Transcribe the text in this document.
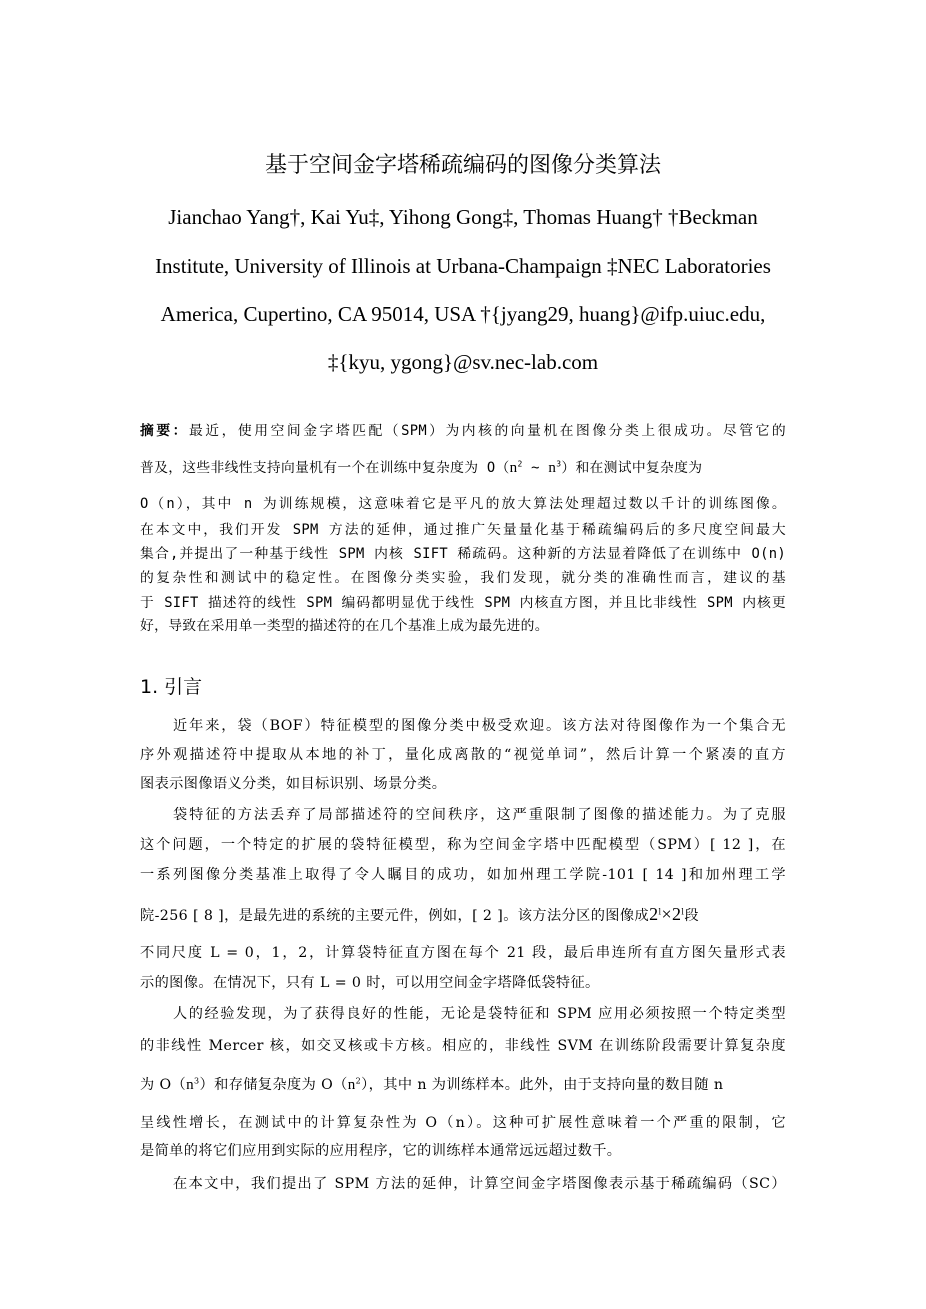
基于空间金字塔稀疏编码的图像分类算法
Jianchao Yang†, Kai Yu‡, Yihong Gong‡, Thomas Huang† †Beckman
Institute, University of Illinois at Urbana-Champaign ‡NEC Laboratories
America, Cupertino, CA 95014, USA †{jyang29, huang}@ifp.uiuc.edu,
‡{kyu, ygong}@sv.nec-lab.com
摘要：最近，使用空间金字塔匹配（SPM）为内核的向量机在图像分类上很成功。尽管它的
普及，这些非线性支持向量机有一个在训练中复杂度为 $O(n^2$ ~ $n^3$）和在测试中复杂度为
O（n），其中 n 为训练规模，这意味着它是平凡的放大算法处理超过数以千计的训练图像。
在本文中，我们开发 SPM 方法的延伸，通过推广矢量量化基于稀疏编码后的多尺度空间最大
集合,并提出了一种基于线性 SPM 内核 SIFT 稀疏码。这种新的方法显着降低了在训练中 O(n)
的复杂性和测试中的稳定性。在图像分类实验，我们发现，就分类的准确性而言，建议的基
于 SIFT 描述符的线性 SPM 编码都明显优于线性 SPM 内核直方图，并且比非线性 SPM 内核更
好，导致在采用单一类型的描述符的在几个基准上成为最先进的。
1. 引言
近年来，袋（BOF）特征模型的图像分类中极受欢迎。该方法对待图像作为一个集合无
序外观描述符中提取从本地的补丁，量化成离散的“视觉单词”，然后计算一个紧凑的直方
图表示图像语义分类，如目标识别、场景分类。
袋特征的方法丢弃了局部描述符的空间秩序，这严重限制了图像的描述能力。为了克服
这个问题，一个特定的扩展的袋特征模型，称为空间金字塔中匹配模型（SPM）[ 12 ]，在
一系列图像分类基准上取得了令人瞩目的成功，如加州理工学院-101 [ 14 ]和加州理工学
院-256 [ 8 ]，是最先进的系统的主要元件，例如，[ 2 ]。该方法分区的图像成$2^l\times 2^l$段
不同尺度 L = 0，1，2，计算袋特征直方图在每个 21 段，最后串连所有直方图矢量形式表
示的图像。在情况下，只有 L = 0 时，可以用空间金字塔降低袋特征。
人的经验发现，为了获得良好的性能，无论是袋特征和 SPM 应用必须按照一个特定类型
的非线性 Mercer 核，如交叉核或卡方核。相应的，非线性 SVM 在训练阶段需要计算复杂度
为 $O(n^3)$和存储复杂度为 $O(n^2)$，其中 n 为训练样本。此外，由于支持向量的数目随 n
呈线性增长，在测试中的计算复杂性为 O（n）。这种可扩展性意味着一个严重的限制，它
是简单的将它们应用到实际的应用程序，它的训练样本通常远远超过数千。
在本文中，我们提出了 SPM 方法的延伸，计算空间金字塔图像表示基于稀疏编码（SC）
